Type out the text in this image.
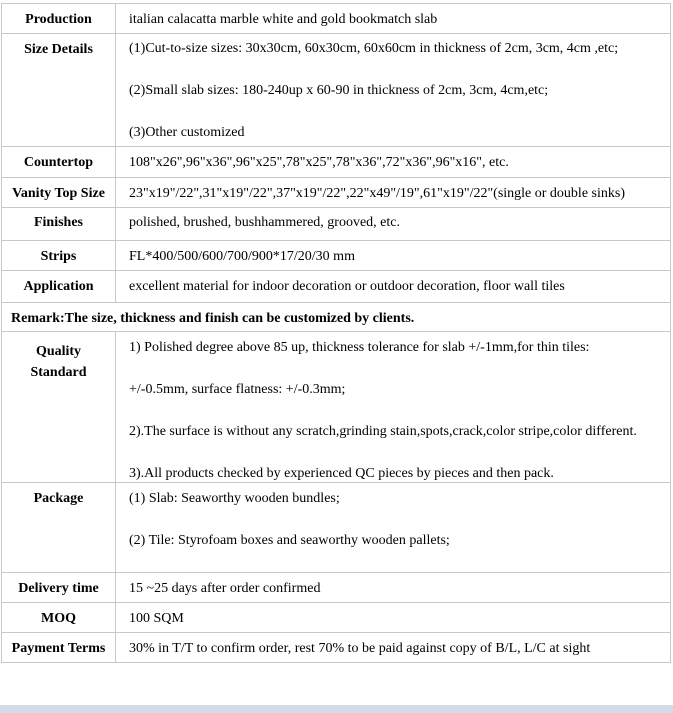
Production	italian calacatta marble white and gold bookmatch slab
Size Details	(1)Cut-to-size sizes: 30x30cm, 60x30cm, 60x60cm in thickness of 2cm, 3cm, 4cm ,etc;
(2)Small slab sizes: 180-240up x 60-90 in thickness of 2cm, 3cm, 4cm,etc;
(3)Other customized

Countertop	108"x26",96"x36",96"x25",78"x25",78"x36",72"x36",96"x16", etc.
Vanity Top Size	23"x19"/22",31"x19"/22",37"x19"/22",22"x49"/19",61"x19"/22"(single or double sinks)
Finishes	polished, brushed, bushhammered, grooved, etc.
Strips	FL*400/500/600/700/900*17/20/30 mm
Application	excellent material for indoor decoration or outdoor decoration, floor wall tiles
Remark:The size, thickness and finish can be customized by clients.	

Quality
Standard	1) Polished degree above 85 up, thickness tolerance for slab +/-1mm,for thin tiles:
+/-0.5mm, surface flatness: +/-0.3mm;
2).The surface is without any scratch,grinding stain,spots,crack,color stripe,color different.
3).All products checked by experienced QC pieces by pieces and then pack.

Package	(1) Slab: Seaworthy wooden bundles;
(2) Tile: Styrofoam boxes and seaworthy wooden pallets;

Delivery time	15 ~25 days after order confirmed
MOQ	100 SQM
Payment Terms	30% in T/T to confirm order, rest 70% to be paid against copy of B/L, L/C at sight
